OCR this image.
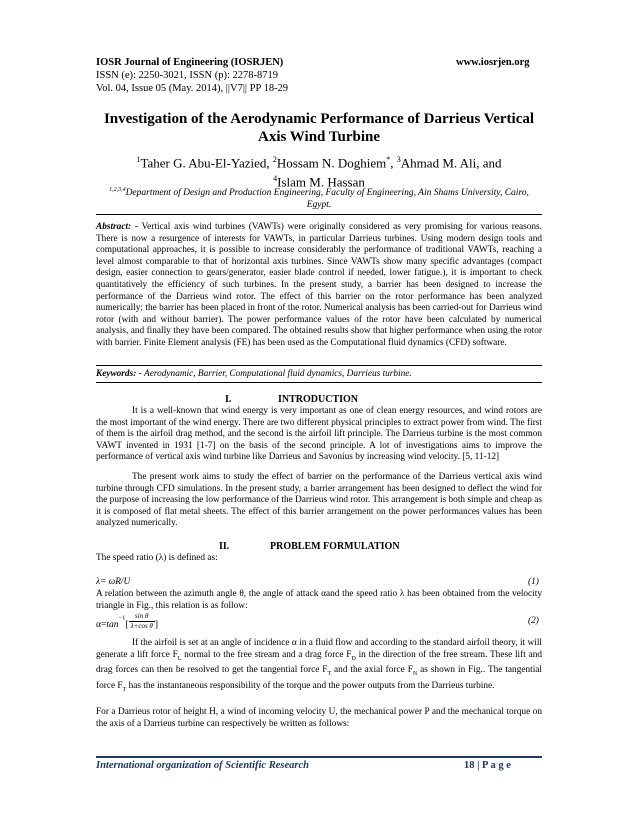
IOSR Journal of Engineering (IOSRJEN)	www.iosrjen.org
ISSN (e): 2250-3021, ISSN (p): 2278-8719
Vol. 04, Issue 05 (May. 2014), ||V7|| PP 18-29
Investigation of the Aerodynamic Performance of Darrieus Vertical Axis Wind Turbine
$^1$Taher G. Abu-El-Yazied, $^2$Hossam N. Doghiem*, $^3$Ahmad M. Ali, and
$^4$Islam M. Hassan
$^{1,2,3,4}$Department of Design and Production Engineering, Faculty of Engineering, Ain Shams University, Cairo, Egypt.
Abstract: - Vertical axis wind turbines (VAWTs) were originally considered as very promising for various reasons. There is now a resurgence of interests for VAWTs, in particular Darrieus turbines. Using modern design tools and computational approaches, it is possible to increase considerably the performance of traditional VAWTs, reaching a level almost comparable to that of horizontal axis turbines. Since VAWTs show many specific advantages (compact design, easier connection to gears/generator, easier blade control if needed, lower fatigue.), it is important to check quantitatively the efficiency of such turbines. In the present study, a barrier has been designed to increase the performance of the Darrieus wind rotor. The effect of this barrier on the rotor performance has been analyzed numerically; the barrier has been placed in front of the rotor. Numerical analysis has been carried-out for Darrieus wind rotor (with and without barrier). The power performance values of the rotor have been calculated by numerical analysis, and finally they have been compared. The obtained results show that higher performance when using the rotor with barrier. Finite Element analysis (FE) has been used as the Computational fluid dynamics (CFD) software.
Keywords: - Aerodynamic, Barrier, Computational fluid dynamics, Darrieus turbine.
I.	INTRODUCTION
It is a well-known that wind energy is very important as one of clean energy resources, and wind rotors are the most important of the wind energy. There are two different physical principles to extract power from wind. The first of them is the airfoil drag method, and the second is the airfoil lift principle. The Darrieus turbine is the most common VAWT invented in 1931 [1-7] on the basis of the second principle. A lot of investigations aims to improve the performance of vertical axis wind turbine like Darrieus and Savonius by increasing wind velocity. [5, 11-12]
The present work aims to study the effect of barrier on the performance of the Darrieus vertical axis wind turbine through CFD simulations. In the present study, a barrier arrangement has been designed to deflect the wind for the purpose of increasing the low performance of the Darrieus wind rotor. This arrangement is both simple and cheap as it is composed of flat metal sheets. The effect of this barrier arrangement on the power performances values has been analyzed numerically.
II.	PROBLEM FORMULATION
The speed ratio (λ) is defined as:
λ= ωR/U	(1)
A relation between the azimuth angle θ, the angle of attack αand the speed ratio λ has been obtained from the velocity triangle in Fig., this relation is as follow:
$\alpha=\tan^{-1}[ \frac{\text{sin θ}}{\text{λ+cos θ}}$ ]	(2)
If the airfoil is set at an angle of incidence α in a fluid flow and according to the standard airfoil theory, it will generate a lift force $F_L$ normal to the free stream and a drag force $F_D$ in the direction of the free stream. These lift and drag forces can then be resolved to get the tangential force $F_T$ and the axial force $F_N$ as shown in Fig.. The tangential force $F_T$ has the instantaneous responsibility of the torque and the power outputs from the Darrieus turbine.
For a Darrieus rotor of height H, a wind of incoming velocity U, the mechanical power P and the mechanical torque on the axis of a Darrieus turbine can respectively be written as follows:
International organization of Scientific Research	18 | P a g e
